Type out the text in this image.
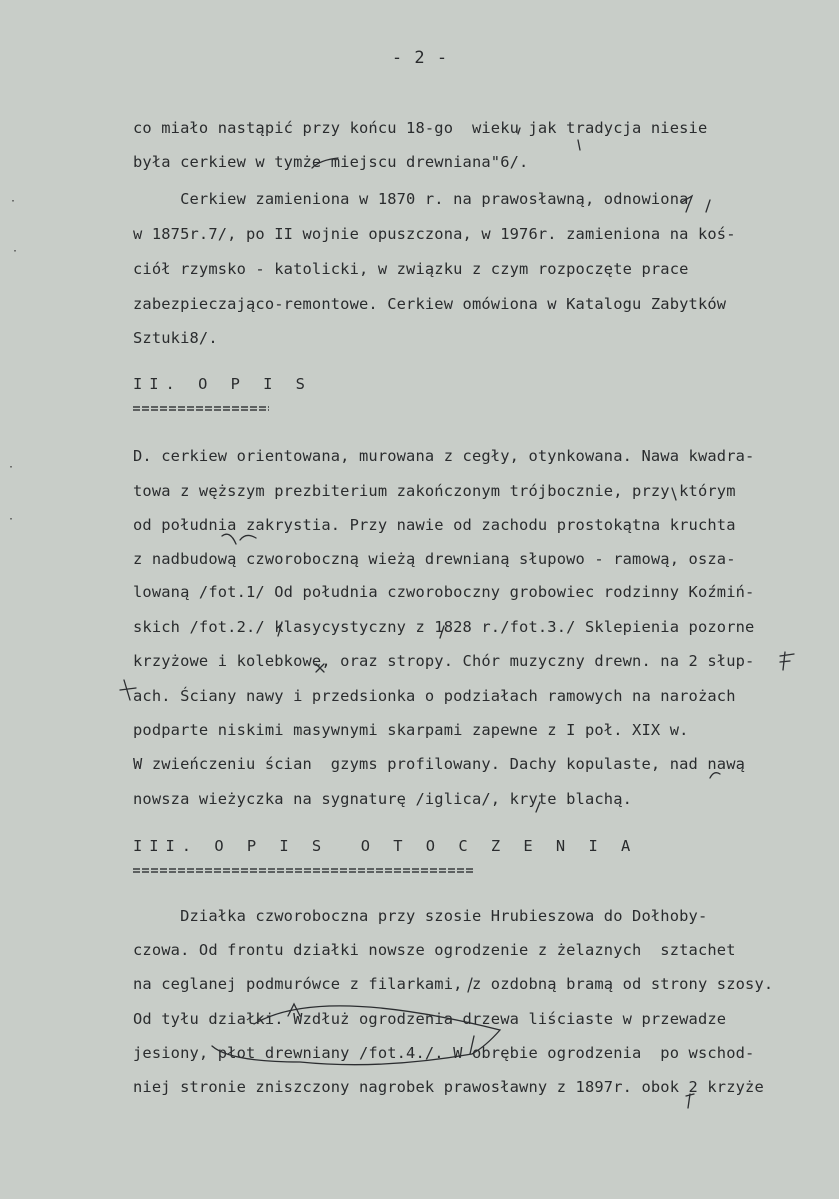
- 2 -
co miało nastąpić przy końcu 18-go  wieku jak tradycja niesie
była cerkiew w tymże miejscu drewniana"6/.
Cerkiew zamieniona w 1870 r. na prawosławną, odnowiona
w 1875r.7/, po II wojnie opuszczona, w 1976r. zamieniona na koś-
ciół rzymsko - katolicki, w związku z czym rozpoczęte prace
zabezpieczająco-remontowe. Cerkiew omówiona w Katalogu Zabytków
Sztuki8/.
II. O P I S
D. cerkiew orientowana, murowana z cegły, otynkowana. Nawa kwadra-
towa z węższym prezbiterium zakończonym trójbocznie, przy którym
od południa zakrystia. Przy nawie od zachodu prostokątna kruchta
z nadbudową czworoboczną wieżą drewnianą słupowo - ramową, osza-
lowaną /fot.1/ Od południa czworoboczny grobowiec rodzinny Koźmiń-
skich /fot.2./ klasycystyczny z 1828 r./fot.3./ Sklepienia pozorne
krzyżowe i kolebkowe, oraz stropy. Chór muzyczny drewn. na 2 słup-
ach. Ściany nawy i przedsionka o podziałach ramowych na narożach
podparte niskimi masywnymi skarpami zapewne z I poł. XIX w.
W zwieńczeniu ścian  gzyms profilowany. Dachy kopulaste, nad nawą
nowsza wieżyczka na sygnaturę /iglica/, kryte blachą.
III. O P I S  O T O C Z E N I A
Działka czworoboczna przy szosie Hrubieszowa do Dołhoby-
czowa. Od frontu działki nowsze ogrodzenie z żelaznych  sztachet
na ceglanej podmurówce z filarkami, z ozdobną bramą od strony szosy.
Od tyłu działki. Wzdłuż ogrodzenia drzewa liściaste w przewadze
jesiony, płot drewniany /fot.4./. W obrębie ogrodzenia  po wschod-
niej stronie zniszczony nagrobek prawosławny z 1897r. obok 2 krzyże
·
·
·
·
